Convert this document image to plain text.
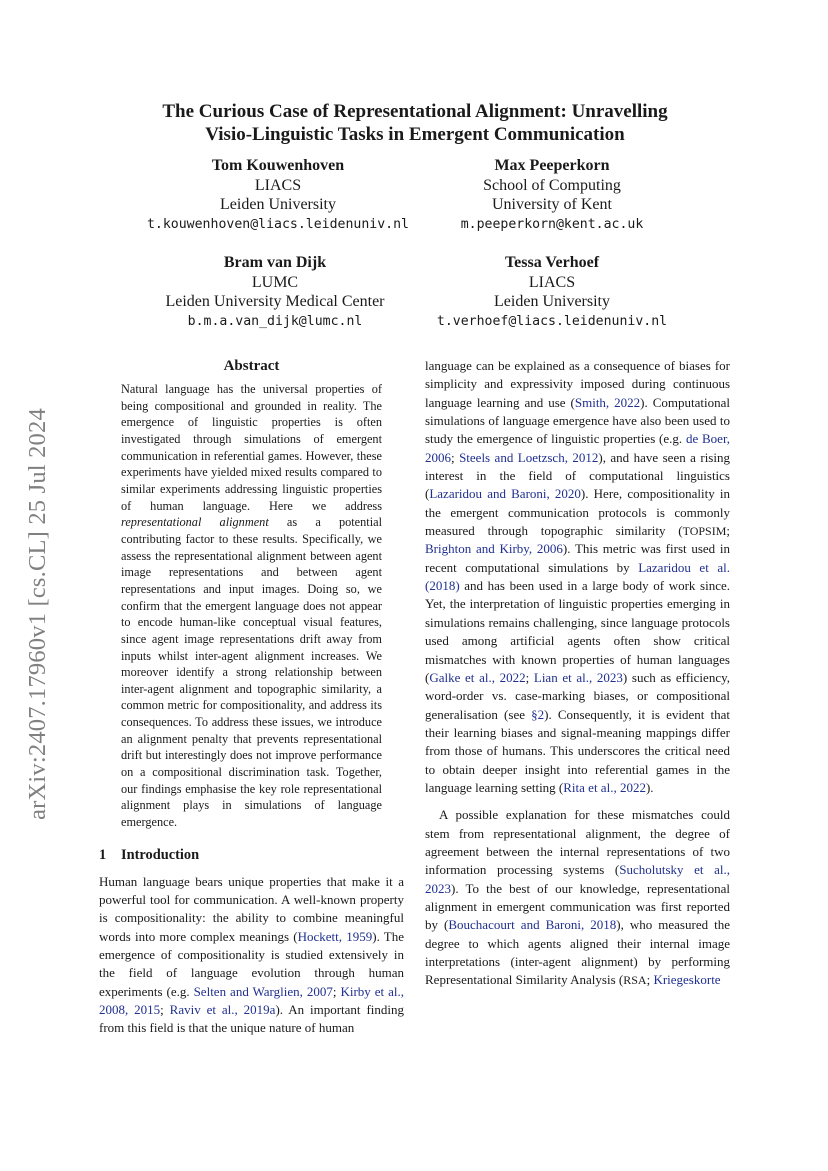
arXiv:2407.17960v1 [cs.CL] 25 Jul 2024
The Curious Case of Representational Alignment: Unravelling
Visio-Linguistic Tasks in Emergent Communication
Tom Kouwenhoven
LIACS
Leiden University
t.kouwenhoven@liacs.leidenuniv.nl
Max Peeperkorn
School of Computing
University of Kent
m.peeperkorn@kent.ac.uk
Bram van Dijk
LUMC
Leiden University Medical Center
b.m.a.van_dijk@lumc.nl
Tessa Verhoef
LIACS
Leiden University
t.verhoef@liacs.leidenuniv.nl
Abstract

Natural language has the universal properties of being compositional and grounded in reality. The emergence of linguistic properties is often investigated through simulations of emergent communication in referential games. However, these experiments have yielded mixed results compared to similar experiments addressing linguistic properties of human language. Here we address representational alignment as a potential contributing factor to these results. Specifically, we assess the representational alignment between agent image representations and between agent representations and input images. Doing so, we confirm that the emergent language does not appear to encode human-like conceptual visual features, since agent image representations drift away from inputs whilst inter-agent alignment increases. We moreover identify a strong relationship between inter-agent alignment and topographic similarity, a common metric for compositionality, and address its consequences. To address these issues, we introduce an alignment penalty that prevents representational drift but interestingly does not improve performance on a compositional discrimination task. Together, our findings emphasise the key role representational alignment plays in simulations of language emergence.

1 Introduction

Human language bears unique properties that make it a powerful tool for communication. A well-known property is compositionality: the ability to combine meaningful words into more complex meanings (Hockett, 1959). The emergence of compositionality is studied extensively in the field of language evolution through human experiments (e.g. Selten and Warglien, 2007; Kirby et al., 2008, 2015; Raviv et al., 2019a). An important finding from this field is that the unique nature of human

language can be explained as a consequence of biases for simplicity and expressivity imposed during continuous language learning and use (Smith, 2022). Computational simulations of language emergence have also been used to study the emergence of linguistic properties (e.g. de Boer, 2006; Steels and Loetzsch, 2012), and have seen a rising interest in the field of computational linguistics (Lazaridou and Baroni, 2020). Here, compositionality in the emergent communication protocols is commonly measured through topographic similarity (TOPSIM; Brighton and Kirby, 2006). This metric was first used in recent computational simulations by Lazaridou et al. (2018) and has been used in a large body of work since. Yet, the interpretation of linguistic properties emerging in simulations remains challenging, since language protocols used among artificial agents often show critical mismatches with known properties of human languages (Galke et al., 2022; Lian et al., 2023) such as efficiency, word-order vs. case-marking biases, or compositional generalisation (see §2). Consequently, it is evident that their learning biases and signal-meaning mappings differ from those of humans. This underscores the critical need to obtain deeper insight into referential games in the language learning setting (Rita et al., 2022).

A possible explanation for these mismatches could stem from representational alignment, the degree of agreement between the internal representations of two information processing systems (Sucholutsky et al., 2023). To the best of our knowledge, representational alignment in emergent communication was first reported by (Bouchacourt and Baroni, 2018), who measured the degree to which agents aligned their internal image interpretations (inter-agent alignment) by performing Representational Similarity Analysis (RSA; Kriegeskorte
